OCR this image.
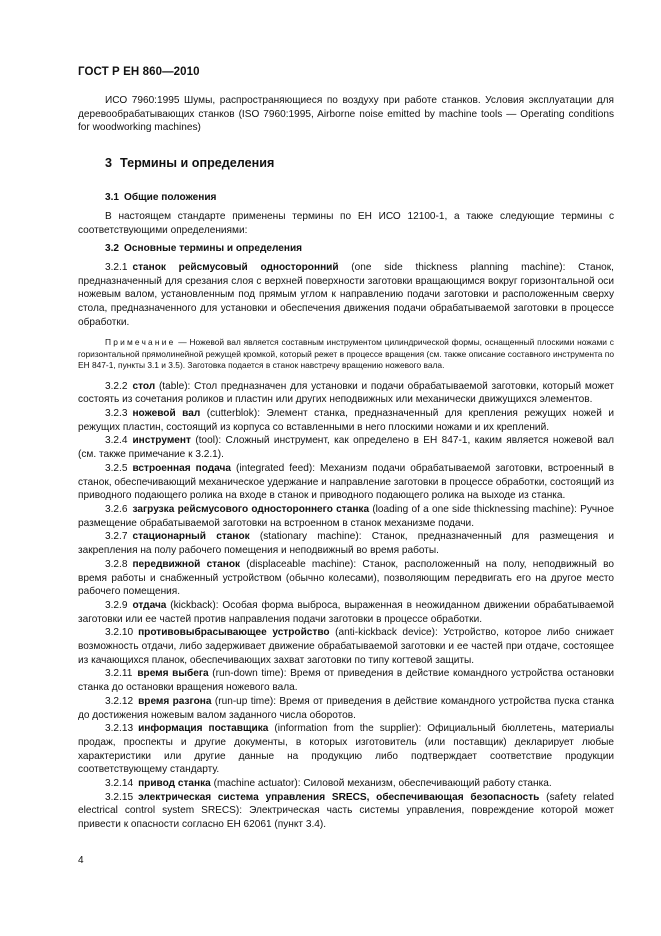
ГОСТ Р ЕН 860—2010

ИСО 7960:1995 Шумы, распространяющиеся по воздуху при работе станков. Условия эксплуатации для деревообрабатывающих станков (ISO 7960:1995, Airborne noise emitted by machine tools — Operating conditions for woodworking machines)

3 Термины и определения
3.1 Общие положения

В настоящем стандарте применены термины по ЕН ИСО 12100-1, а также следующие термины с соответствующими определениями:

3.2 Основные термины и определения

3.2.1 станок рейсмусовый односторонний (one side thickness planning machine): Станок, предназначенный для срезания слоя с верхней поверхности заготовки вращающимся вокруг горизонтальной оси ножевым валом, установленным под прямым углом к направлению подачи заготовки и расположенным сверху стола, предназначенного для установки и обеспечения движения подачи обрабатываемой заготовки в процессе обработки.

Примечание — Ножевой вал является составным инструментом цилиндрической формы, оснащенный плоскими ножами с горизонтальной прямолинейной режущей кромкой, который режет в процессе вращения (см. также описание составного инструмента по ЕН 847-1, пункты 3.1 и 3.5). Заготовка подается в станок навстречу вращению ножевого вала.

3.2.2 стол (table): Стол предназначен для установки и подачи обрабатываемой заготовки, который может состоять из сочетания роликов и пластин или других неподвижных или механически движущихся элементов.

3.2.3 ножевой вал (cutterblok): Элемент станка, предназначенный для крепления режущих ножей и режущих пластин, состоящий из корпуса со вставленными в него плоскими ножами и их креплений.

3.2.4 инструмент (tool): Сложный инструмент, как определено в ЕН 847-1, каким является ножевой вал (см. также примечание к 3.2.1).

3.2.5 встроенная подача (integrated feed): Механизм подачи обрабатываемой заготовки, встроенный в станок, обеспечивающий механическое удержание и направление заготовки в процессе обработки, состоящий из приводного подающего ролика на входе в станок и приводного подающего ролика на выходе из станка.

3.2.6 загрузка рейсмусового одностороннего станка (loading of a one side thicknessing machine): Ручное размещение обрабатываемой заготовки на встроенном в станок механизме подачи.

3.2.7 стационарный станок (stationary machine): Станок, предназначенный для размещения и закрепления на полу рабочего помещения и неподвижный во время работы.

3.2.8 передвижной станок (displaceable machine): Станок, расположенный на полу, неподвижный во время работы и снабженный устройством (обычно колесами), позволяющим передвигать его на другое место рабочего помещения.

3.2.9 отдача (kickback): Особая форма выброса, выраженная в неожиданном движении обрабатываемой заготовки или ее частей против направления подачи заготовки в процессе обработки.

3.2.10 противовыбрасывающее устройство (anti-kickback device): Устройство, которое либо снижает возможность отдачи, либо задерживает движение обрабатываемой заготовки и ее частей при отдаче, состоящее из качающихся планок, обеспечивающих захват заготовки по типу когтевой защиты.

3.2.11 время выбега (run-down time): Время от приведения в действие командного устройства остановки станка до остановки вращения ножевого вала.

3.2.12 время разгона (run-up time): Время от приведения в действие командного устройства пуска станка до достижения ножевым валом заданного числа оборотов.

3.2.13 информация поставщика (information from the supplier): Официальный бюллетень, материалы продаж, проспекты и другие документы, в которых изготовитель (или поставщик) декларирует любые характеристики или другие данные на продукцию либо подтверждает соответствие продукции соответствующему стандарту.

3.2.14 привод станка (machine actuator): Силовой механизм, обеспечивающий работу станка.

3.2.15 электрическая система управления SRECS, обеспечивающая безопасность (safety related electrical control system SRECS): Электрическая часть системы управления, повреждение которой может привести к опасности согласно ЕН 62061 (пункт 3.4).

4
